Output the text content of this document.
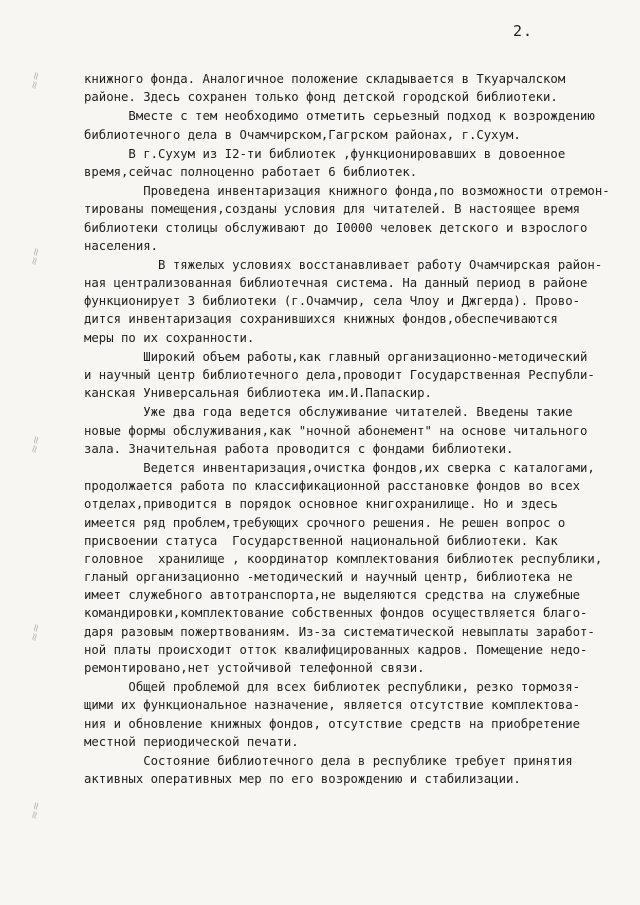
2.
≈≈
≈≈
≈≈
≈≈
≈≈
книжного фонда. Аналогичное положение складывается в Ткуарчалском
районе. Здесь сохранен только фонд детской городской библиотеки.
Вместе с тем необходимо отметить серьезный подход к возрождению
библиотечного дела в Очамчирском,Гагрском районах, г.Сухум.
В г.Сухум из I2-ти библиотек ,функционировавших в довоенное
время,сейчас полноценно работает 6 библиотек.
Проведена инвентаризация книжного фонда,по возможности отремон-
тированы помещения,созданы условия для читателей. В настоящее время
библиотеки столицы обслуживают до I0000 человек детского и взрослого
населения.
В тяжелых условиях восстанавливает работу Очамчирская район-
ная централизованная библиотечная система. На данный период в районе
функционирует 3 библиотеки (г.Очамчир, села Члоу и Джгерда). Прово-
дится инвентаризация сохранившихся книжных фондов,обеспечиваются
меры по их сохранности.
Широкий объем работы,как главный организационно-методический
и научный центр библиотечного дела,проводит Государственная Республи-
канская Универсальная библиотека им.И.Папаскир.
Уже два года ведется обслуживание читателей. Введены такие
новые формы обслуживания,как "ночной абонемент" на основе читального
зала. Значительная работа проводится с фондами библиотеки.
Ведется инвентаризация,очистка фондов,их сверка с каталогами,
продолжается работа по классификационной расстановке фондов во всех
отделах,приводится в порядок основное книгохранилище. Но и здесь
имеется ряд проблем,требующих срочного решения. Не решен вопрос о
присвоении статуса  Государственной национальной библиотеки. Как
головное  хранилище , координатор комплектования библиотек республики,
гланый организационно -методический и научный центр, библиотека не
имеет служебного автотранспорта,не выделяются средства на служебные
командировки,комплектование собственных фондов осуществляется благо-
даря разовым пожертвованиям. Из-за систематической невыплаты заработ-
ной платы происходит отток квалифицированных кадров. Помещение недо-
ремонтировано,нет устойчивой телефонной связи.
Общей проблемой для всех библиотек республики, резко тормозя-
щими их функциональное назначение, является отсутствие комплектова-
ния и обновление книжных фондов, отсутствие средств на приобретение
местной периодической печати.
Состояние библиотечного дела в республике требует принятия
активных оперативных мер по его возрождению и стабилизации.
